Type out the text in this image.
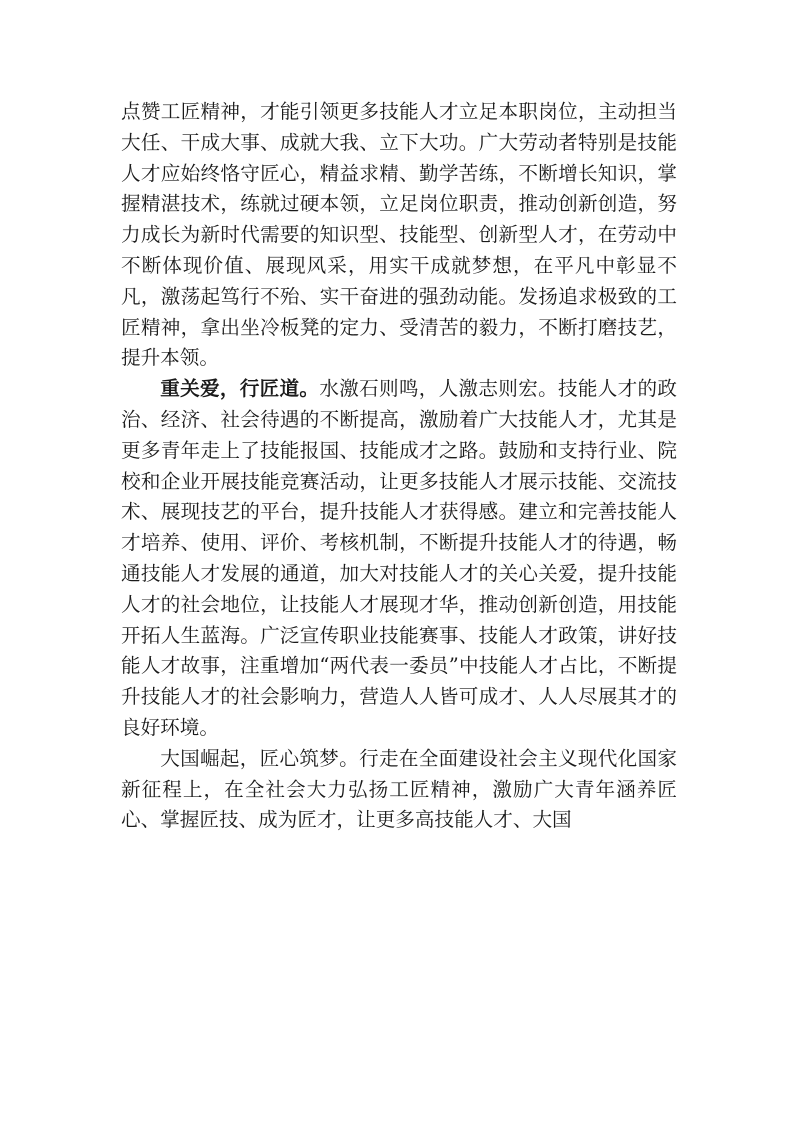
点赞工匠精神，才能引领更多技能人才立足本职岗位，主动担当大任、干成大事、成就大我、立下大功。广大劳动者特别是技能人才应始终恪守匠心，精益求精、勤学苦练，不断增长知识，掌握精湛技术，练就过硬本领，立足岗位职责，推动创新创造，努力成长为新时代需要的知识型、技能型、创新型人才，在劳动中不断体现价值、展现风采，用实干成就梦想，在平凡中彰显不凡，激荡起笃行不殆、实干奋进的强劲动能。发扬追求极致的工匠精神，拿出坐冷板凳的定力、受清苦的毅力，不断打磨技艺，提升本领。

重关爱，行匠道。水激石则鸣，人激志则宏。技能人才的政治、经济、社会待遇的不断提高，激励着广大技能人才，尤其是更多青年走上了技能报国、技能成才之路。鼓励和支持行业、院校和企业开展技能竞赛活动，让更多技能人才展示技能、交流技术、展现技艺的平台，提升技能人才获得感。建立和完善技能人才培养、使用、评价、考核机制，不断提升技能人才的待遇，畅通技能人才发展的通道，加大对技能人才的关心关爱，提升技能人才的社会地位，让技能人才展现才华，推动创新创造，用技能开拓人生蓝海。广泛宣传职业技能赛事、技能人才政策，讲好技能人才故事，注重增加“两代表一委员”中技能人才占比，不断提升技能人才的社会影响力，营造人人皆可成才、人人尽展其才的良好环境。

大国崛起，匠心筑梦。行走在全面建设社会主义现代化国家新征程上，在全社会大力弘扬工匠精神，激励广大青年涵养匠心、掌握匠技、成为匠才，让更多高技能人才、大国
